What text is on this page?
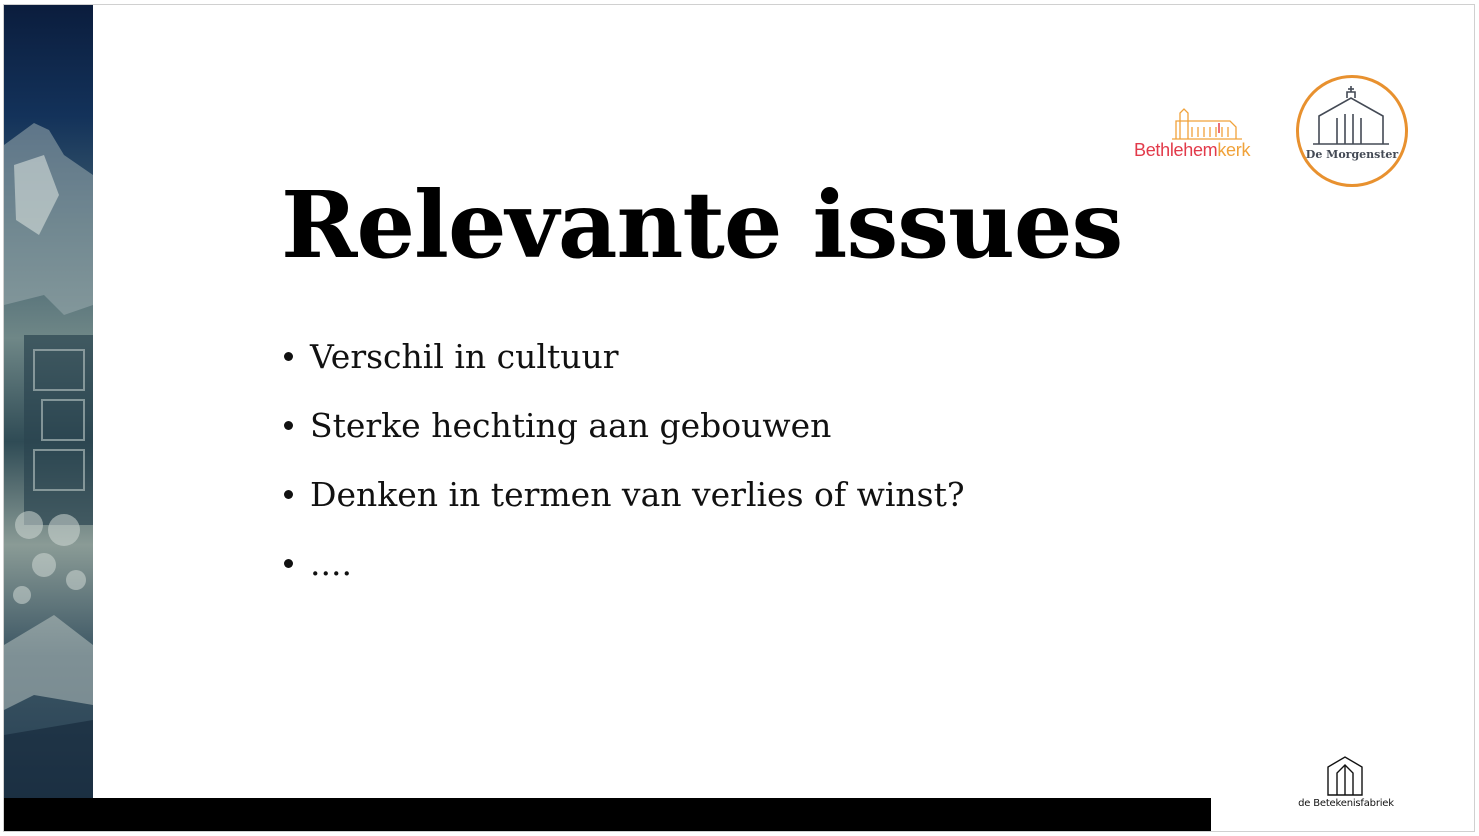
Bethlehemkerk	De Morgenster
Relevante issues
Verschil in cultuur
Sterke hechting aan gebouwen
Denken in termen van verlies of winst?
....
de Betekenisfabriek
